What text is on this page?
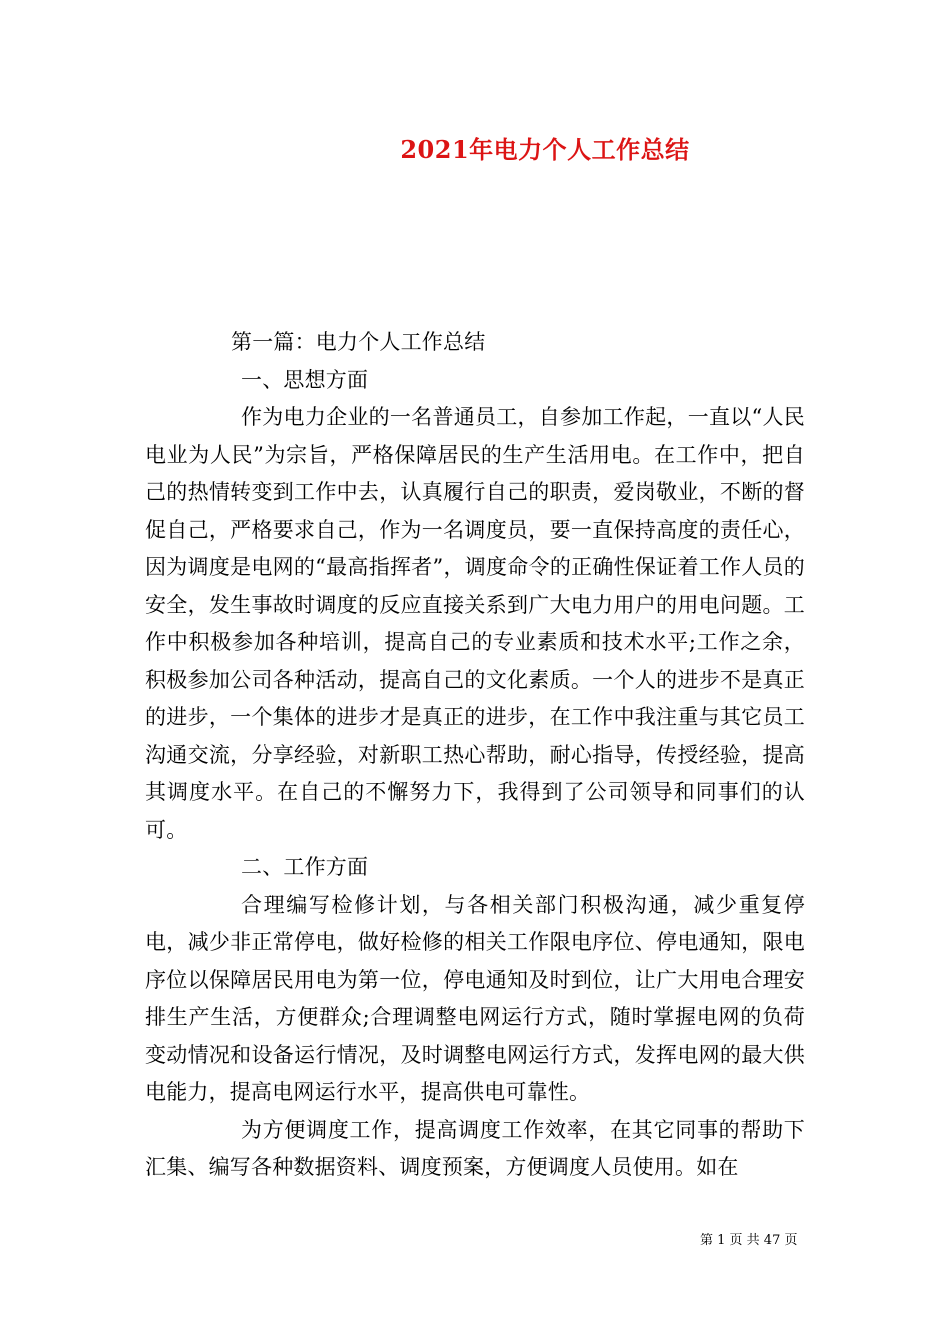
2021年电力个人工作总结

第一篇：电力个人工作总结

一、思想方面

作为电力企业的一名普通员工，自参加工作起，一直以“人民电业为人民”为宗旨，严格保障居民的生产生活用电。在工作中，把自己的热情转变到工作中去，认真履行自己的职责，爱岗敬业，不断的督促自己，严格要求自己，作为一名调度员，要一直保持高度的责任心，因为调度是电网的“最高指挥者”，调度命令的正确性保证着工作人员的安全，发生事故时调度的反应直接关系到广大电力用户的用电问题。工作中积极参加各种培训，提高自己的专业素质和技术水平;工作之余，积极参加公司各种活动，提高自己的文化素质。一个人的进步不是真正的进步，一个集体的进步才是真正的进步，在工作中我注重与其它员工沟通交流，分享经验，对新职工热心帮助，耐心指导，传授经验，提高其调度水平。在自己的不懈努力下，我得到了公司领导和同事们的认可。

二、工作方面

合理编写检修计划，与各相关部门积极沟通，减少重复停电，减少非正常停电，做好检修的相关工作限电序位、停电通知，限电序位以保障居民用电为第一位，停电通知及时到位，让广大用电合理安排生产生活，方便群众;合理调整电网运行方式，随时掌握电网的负荷变动情况和设备运行情况，及时调整电网运行方式，发挥电网的最大供电能力，提高电网运行水平，提高供电可靠性。

为方便调度工作，提高调度工作效率，在其它同事的帮助下汇集、编写各种数据资料、调度预案，方便调度人员使用。如在

第 1 页 共 47 页
